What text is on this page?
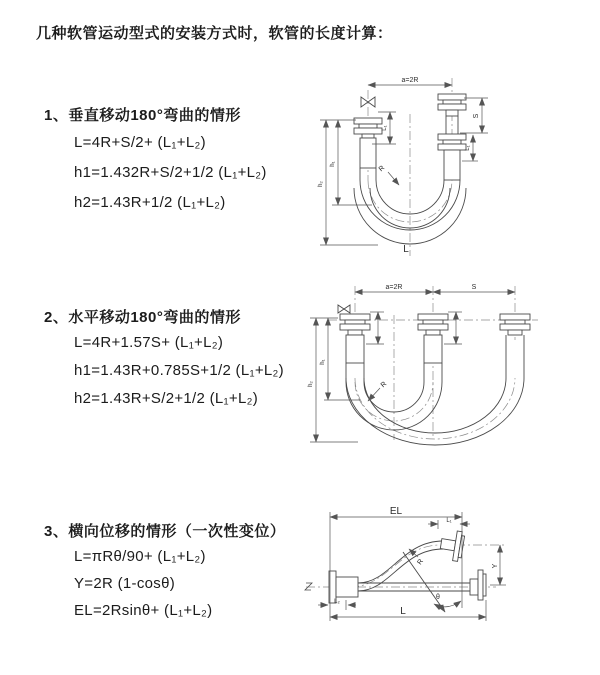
几种软管运动型式的安装方式时，软管的长度计算：
1、垂直移动180°弯曲的情形
L=4R+S/2+ (L₁+L₂)
h1=1.432R+S/2+1/2 (L₁+L₂)
h2=1.43R+1/2 (L₁+L₂)
a=2R
L₁
S
L₁
h₁
h₂
R
L
2、水平移动180°弯曲的情形
L=4R+1.57S+ (L₁+L₂)
h1=1.43R+0.785S+1/2 (L₁+L₂)
h2=1.43R+S/2+1/2 (L₁+L₂)
a=2R	S
h₁
h₂	R
3、横向位移的情形（一次性变位）
L=πRθ/90+ (L₁+L₂)
Y=2R (1-cosθ)
EL=2Rsinθ+ (L₁+L₂)
EL
L₁
Y
L
L₂
R
θ
